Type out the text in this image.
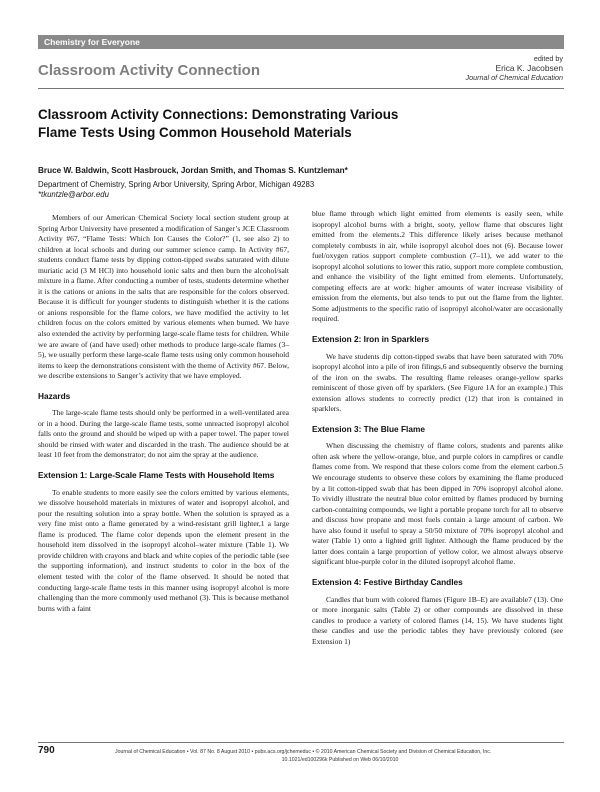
Chemistry for Everyone
Classroom Activity Connection
edited by
Erica K. Jacobsen
Journal of Chemical Education
Classroom Activity Connections: Demonstrating Various Flame Tests Using Common Household Materials
Bruce W. Baldwin, Scott Hasbrouck, Jordan Smith, and Thomas S. Kuntzleman*
Department of Chemistry, Spring Arbor University, Spring Arbor, Michigan 49283
*tkuntzle@arbor.edu

Members of our American Chemical Society local section student group at Spring Arbor University have presented a modification of Sanger’s JCE Classroom Activity #67, “Flame Tests: Which Ion Causes the Color?” (1, see also 2) to children at local schools and during our summer science camp. In Activity #67, students conduct flame tests by dipping cotton-tipped swabs saturated with dilute muriatic acid (3 M HCl) into household ionic salts and then burn the alcohol/salt mixture in a flame. After conducting a number of tests, students determine whether it is the cations or anions in the salts that are responsible for the colors observed. Because it is difficult for younger students to distinguish whether it is the cations or anions responsible for the flame colors, we have modified the activity to let children focus on the colors emitted by various elements when burned. We have also extended the activity by performing large-scale flame tests for children. While we are aware of (and have used) other methods to produce large-scale flames (3–5), we usually perform these large-scale flame tests using only common household items to keep the demonstrations consistent with the theme of Activity #67. Below, we describe extensions to Sanger’s activity that we have employed.

Hazards

The large-scale flame tests should only be performed in a well-ventilated area or in a hood. During the large-scale flame tests, some unreacted isopropyl alcohol falls onto the ground and should be wiped up with a paper towel. The paper towel should be rinsed with water and discarded in the trash. The audience should be at least 10 feet from the demonstrator; do not aim the spray at the audience.

Extension 1: Large-Scale Flame Tests with Household Items

To enable students to more easily see the colors emitted by various elements, we dissolve household materials in mixtures of water and isopropyl alcohol, and pour the resulting solution into a spray bottle. When the solution is sprayed as a very fine mist onto a flame generated by a wind-resistant grill lighter,1 a large flame is produced. The flame color depends upon the element present in the household item dissolved in the isopropyl alcohol–water mixture (Table 1). We provide children with crayons and black and white copies of the periodic table (see the supporting information), and instruct students to color in the box of the element tested with the color of the flame observed. It should be noted that conducting large-scale flame tests in this manner using isopropyl alcohol is more challenging than the more commonly used methanol (3). This is because methanol burns with a faint

blue flame through which light emitted from elements is easily seen, while isopropyl alcohol burns with a bright, sooty, yellow flame that obscures light emitted from the elements.2 This difference likely arises because methanol completely combusts in air, while isopropyl alcohol does not (6). Because lower fuel/oxygen ratios support complete combustion (7–11), we add water to the isopropyl alcohol solutions to lower this ratio, support more complete combustion, and enhance the visibility of the light emitted from elements. Unfortunately, competing effects are at work: higher amounts of water increase visibility of emission from the elements, but also tends to put out the flame from the lighter. Some adjustments to the specific ratio of isopropyl alcohol/water are occasionally required.

Extension 2: Iron in Sparklers

We have students dip cotton-tipped swabs that have been saturated with 70% isopropyl alcohol into a pile of iron filings,6 and subsequently observe the burning of the iron on the swabs. The resulting flame releases orange-yellow sparks reminiscent of those given off by sparklers. (See Figure 1A for an example.) This extension allows students to correctly predict (12) that iron is contained in sparklers.

Extension 3: The Blue Flame

When discussing the chemistry of flame colors, students and parents alike often ask where the yellow-orange, blue, and purple colors in campfires or candle flames come from. We respond that these colors come from the element carbon.5 We encourage students to observe these colors by examining the flame produced by a lit cotton-tipped swab that has been dipped in 70% isopropyl alcohol alone. To vividly illustrate the neutral blue color emitted by flames produced by burning carbon-containing compounds, we light a portable propane torch for all to observe and discuss how propane and most fuels contain a large amount of carbon. We have also found it useful to spray a 50/50 mixture of 70% isopropyl alcohol and water (Table 1) onto a lighted grill lighter. Although the flame produced by the latter does contain a large proportion of yellow color, we almost always observe significant blue-purple color in the diluted isopropyl alcohol flame.

Extension 4: Festive Birthday Candles

Candles that burn with colored flames (Figure 1B–E) are available7 (13). One or more inorganic salts (Table 2) or other compounds are dissolved in these candles to produce a variety of colored flames (14, 15). We have students light these candles and use the periodic tables they have previously colored (see Extension 1)

790	Journal of Chemical Education • Vol. 87 No. 8 August 2010 • pubs.acs.org/jchemeduc • © 2010 American Chemical Society and Division of Chemical Education, Inc.
10.1021/ed100296k Published on Web 06/10/2010
